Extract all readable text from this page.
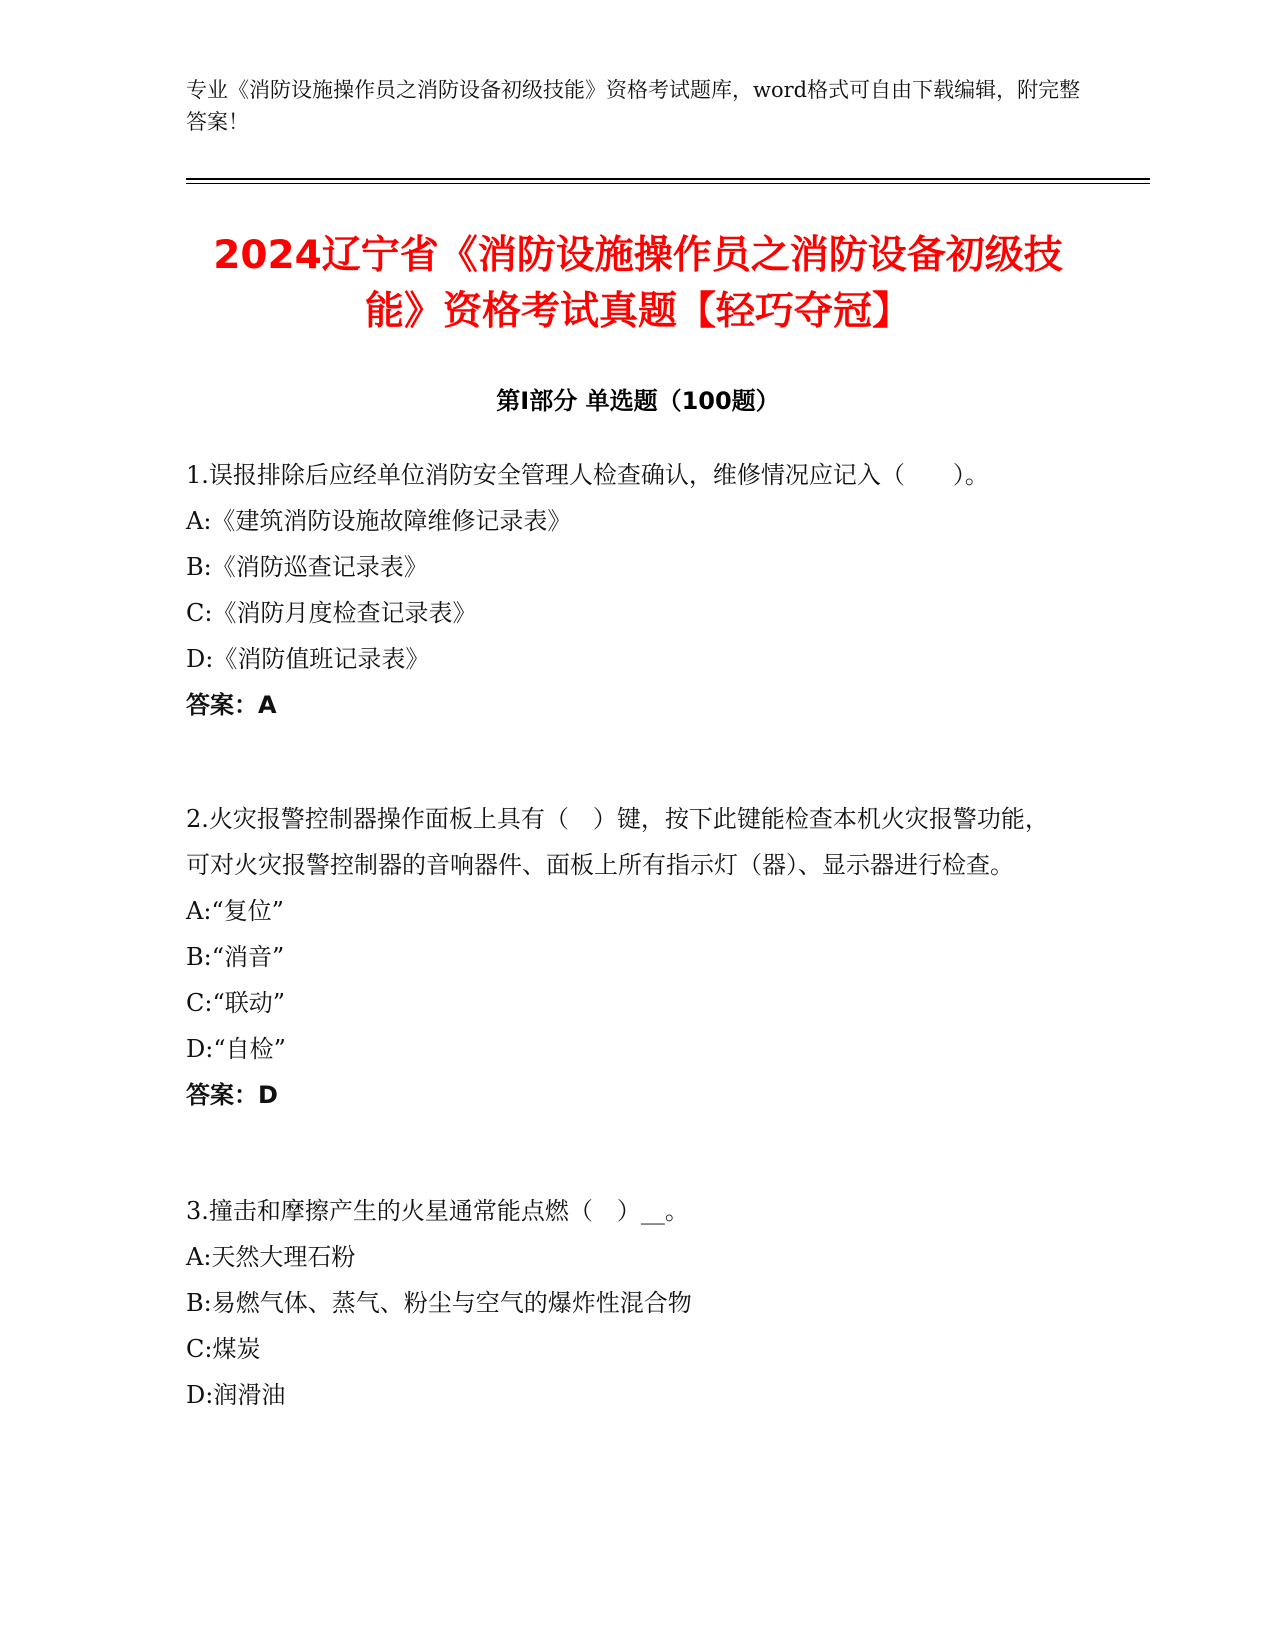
专业《消防设施操作员之消防设备初级技能》资格考试题库，word格式可自由下载编辑，附完整答案！
2024辽宁省《消防设施操作员之消防设备初级技能》资格考试真题【轻巧夺冠】
第Ⅰ部分 单选题（100题）

1.误报排除后应经单位消防安全管理人检查确认，维修情况应记入（　　）。

A:《建筑消防设施故障维修记录表》

B:《消防巡查记录表》

C:《消防月度检查记录表》

D:《消防值班记录表》

答案：A

2.火灾报警控制器操作面板上具有（　）键，按下此键能检查本机火灾报警功能，可对火灾报警控制器的音响器件、面板上所有指示灯（器）、显示器进行检查。

A:“复位”

B:“消音”

C:“联动”

D:“自检”

答案：D

3.撞击和摩擦产生的火星通常能点燃（　）__。

A:天然大理石粉

B:易燃气体、蒸气、粉尘与空气的爆炸性混合物

C:煤炭

D:润滑油
